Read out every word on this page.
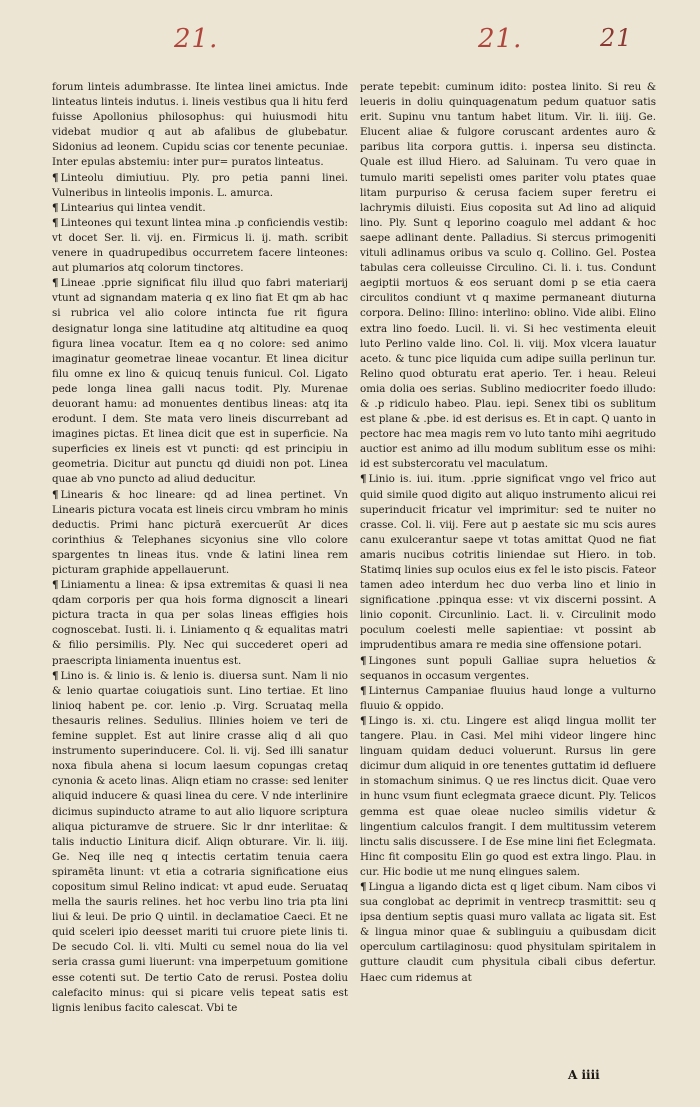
21.	21.	21

forum linteis adumbrasse. Ite lintea linei amictus. Inde linteatus linteis indutus. i. lineis vestibus qua li hitu ferd fuisse Apollonius philosophus: qui huiusmodi hitu videbat mudior q aut ab afalibus de glubebatur. Sidonius ad leonem. Cupidu scias cor tenente pecuniae. Inter epulas abstemiu: inter pur= puratos linteatus.

¶ Linteolu dimiutiuu. Ply. pro petia panni linei. Vulneribus in linteolis imponis. L. amurca.

¶ Lintearius qui lintea vendit.

¶ Linteones qui texunt lintea mina .p conficiendis vestib: vt docet Ser. li. vij. en. Firmicus li. ij. math. scribit venere in quadrupedibus occurretem facere linteones: aut plumarios atq colorum tinctores.

¶ Lineae .pprie significat filu illud quo fabri materiarij vtunt ad signandam materia q ex lino fiat Et qm ab hac si rubrica vel alio colore intincta fue rit figura designatur longa sine latitudine atq altitudine ea quoq figura linea vocatur. Item ea q no colore: sed animo imaginatur geometrae lineae vocantur. Et linea dicitur filu omne ex lino & quicuq tenuis funicul. Col. Ligato pede longa linea galli nacus todit. Ply. Murenae deuorant hamu: ad monuentes dentibus lineas: atq ita erodunt. I dem. Ste mata vero lineis discurrebant ad imagines pictas. Et linea dicit que est in superficie. Na superficies ex lineis est vt puncti: qd est principiu in geometria. Dicitur aut punctu qd diuidi non pot. Linea quae ab vno puncto ad aliud deducitur.

¶ Linearis & hoc lineare: qd ad linea pertinet. Vn Linearis pictura vocata est lineis circu vmbram ho minis deductis. Primi hanc picturā exercuerūt Ar dices corinthius & Telephanes sicyonius sine vllo colore spargentes tn lineas itus. vnde & latini linea rem picturam graphide appellauerunt.

¶ Liniamentu a linea: & ipsa extremitas & quasi li nea qdam corporis per qua hois forma dignoscit a lineari pictura tracta in qua per solas lineas effigies hois cognoscebat. Iusti. li. i. Liniamento q & equalitas matri & filio persimilis. Ply. Nec qui succederet operi ad praescripta liniamenta inuentus est.

¶ Lino is. & linio is. & lenio is. diuersa sunt. Nam li nio & lenio quartae coiugatiois sunt. Lino tertiae. Et lino linioq habent pe. cor. lenio .p. Virg. Scruataq mella thesauris relines. Sedulius. Illinies hoiem ve teri de femine supplet. Est aut linire crasse aliq d ali quo instrumento superinducere. Col. li. vij. Sed illi sanatur noxa fibula ahena si locum laesum copungas cretaq cynonia & aceto linas. Aliqn etiam no crasse: sed leniter aliquid inducere & quasi linea du cere. V nde interlinire dicimus supinducto atrame to aut alio liquore scriptura aliqua picturamve de struere. Sic lr dnr interlitae: & talis inductio Linitura dicif. Aliqn obturare. Vir. li. iiij. Ge. Neq ille neq q intectis certatim tenuia caera spiramēta linunt: vt etia a cotraria significatione eius copositum simul Relino indicat: vt apud eude. Seruataq mella the sauris relines. het hoc verbu lino tria pta lini liui & leui. De prio Q uintil. in declamatioe Caeci. Et ne quid sceleri ipio deesset mariti tui cruore piete linis ti. De secudo Col. li. vlti. Multi cu semel noua do lia vel seria crassa gumi liuerunt: vna imperpetuum gomitione esse cotenti sut. De tertio Cato de rerusi. Postea doliu calefacito minus: qui si picare velis tepeat satis est lignis lenibus facito calescat. Vbi te

perate tepebit: cuminum idito: postea linito. Si reu & leueris in doliu quinquagenatum pedum quatuor satis erit. Supinu vnu tantum habet litum. Vir. li. iiij. Ge. Elucent aliae & fulgore coruscant ardentes auro & paribus lita corpora guttis. i. inpersa seu distincta. Quale est illud Hiero. ad Saluinam. Tu vero quae in tumulo mariti sepelisti omes pariter volu ptates quae litam purpuriso & cerusa faciem super feretru ei lachrymis diluisti. Eius coposita sut Ad lino ad aliquid lino. Ply. Sunt q leporino coagulo mel addant & hoc saepe adlinant dente. Palladius. Si stercus primogeniti vituli adlinamus oribus va sculo q. Collino. Gel. Postea tabulas cera colleuisse Circulino. Ci. li. i. tus. Condunt aegiptii mortuos & eos seruant domi p se etia caera circulitos condiunt vt q maxime permaneant diuturna corpora. Delino: Illino: interlino: oblino. Vide alibi. Elino extra lino foedo. Lucil. li. vi. Si hec vestimenta eleuit luto Perlino valde lino. Col. li. viij. Mox vlcera lauatur aceto. & tunc pice liquida cum adipe suilla perlinun tur. Relino quod obturatu erat aperio. Ter. i heau. Releui omia dolia oes serias. Sublino mediocriter foedo illudo: & .p ridiculo habeo. Plau. iepi. Senex tibi os sublitum est plane & .pbe. id est derisus es. Et in capt. Q uanto in pectore hac mea magis rem vo luto tanto mihi aegritudo auctior est animo ad illu modum sublitum esse os mihi: id est substercoratu vel maculatum.

¶ Linio is. iui. itum. .pprie significat vngo vel frico aut quid simile quod digito aut aliquo instrumento alicui rei superinducit fricatur vel imprimitur: sed te nuiter no crasse. Col. li. viij. Fere aut p aestate sic mu scis aures canu exulcerantur saepe vt totas amittat Quod ne fiat amaris nucibus cotritis liniendae sut Hiero. in tob. Statimq linies sup oculos eius ex fel le isto piscis. Fateor tamen adeo interdum hec duo verba lino et linio in significatione .ppinqua esse: vt vix discerni possint. A linio coponit. Circunlinio. Lact. li. v. Circulinit modo poculum coelesti melle sapientiae: vt possint ab imprudentibus amara re media sine offensione potari.

¶ Lingones sunt populi Galliae supra heluetios & sequanos in occasum vergentes.

¶ Linternus Campaniae fluuius haud longe a vulturno fluuio & oppido.

¶ Lingo is. xi. ctu. Lingere est aliqd lingua mollit ter tangere. Plau. in Casi. Mel mihi videor lingere hinc linguam quidam deduci voluerunt. Rursus lin gere dicimur dum aliquid in ore tenentes guttatim id defluere in stomachum sinimus. Q ue res linctus dicit. Quae vero in hunc vsum fiunt eclegmata graece dicunt. Ply. Telicos gemma est quae oleae nucleo similis videtur & lingentium calculos frangit. I dem multitussim veterem linctu salis discussere. I de Ese mine lini fiet Eclegmata. Hinc fit compositu Elin go quod est extra lingo. Plau. in cur. Hic bodie ut me nunq elingues salem.

¶ Lingua a ligando dicta est q liget cibum. Nam cibos vi sua conglobat ac deprimit in ventrecp trasmittit: seu q ipsa dentium septis quasi muro vallata ac ligata sit. Est & lingua minor quae & sublinguiu a quibusdam dicit operculum cartilaginosu: quod physitulam spiritalem in gutture claudit cum physitula cibali cibus defertur. Haec cum ridemus at

A iiii
